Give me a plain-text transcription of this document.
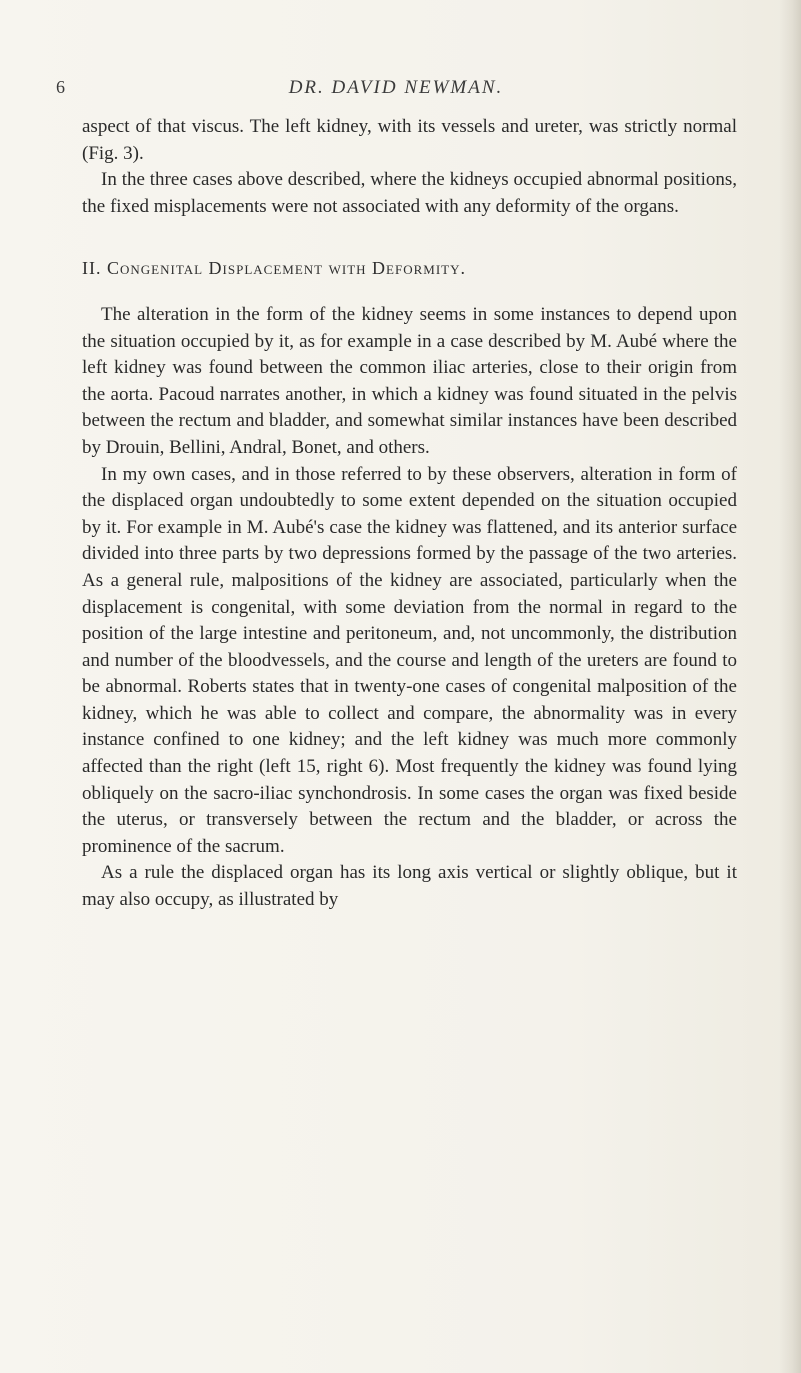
6	DR. DAVID NEWMAN.

aspect of that viscus. The left kidney, with its vessels and ureter, was strictly normal (Fig. 3).

In the three cases above described, where the kidneys occupied abnormal positions, the fixed misplacements were not associated with any deformity of the organs.

II. Congenital Displacement with Deformity.

The alteration in the form of the kidney seems in some instances to depend upon the situation occupied by it, as for example in a case described by M. Aubé where the left kidney was found between the common iliac arteries, close to their origin from the aorta. Pacoud narrates another, in which a kidney was found situated in the pelvis between the rectum and bladder, and somewhat similar instances have been described by Drouin, Bellini, Andral, Bonet, and others.

In my own cases, and in those referred to by these observers, alteration in form of the displaced organ undoubtedly to some extent depended on the situation occupied by it. For example in M. Aubé's case the kidney was flattened, and its anterior surface divided into three parts by two depressions formed by the passage of the two arteries. As a general rule, malpositions of the kidney are associated, particularly when the displacement is congenital, with some deviation from the normal in regard to the position of the large intestine and peritoneum, and, not uncommonly, the distribution and number of the bloodvessels, and the course and length of the ureters are found to be abnormal. Roberts states that in twenty-one cases of congenital malposition of the kidney, which he was able to collect and compare, the abnormality was in every instance confined to one kidney; and the left kidney was much more commonly affected than the right (left 15, right 6). Most frequently the kidney was found lying obliquely on the sacro-iliac synchondrosis. In some cases the organ was fixed beside the uterus, or transversely between the rectum and the bladder, or across the prominence of the sacrum.

As a rule the displaced organ has its long axis vertical or slightly oblique, but it may also occupy, as illustrated by
